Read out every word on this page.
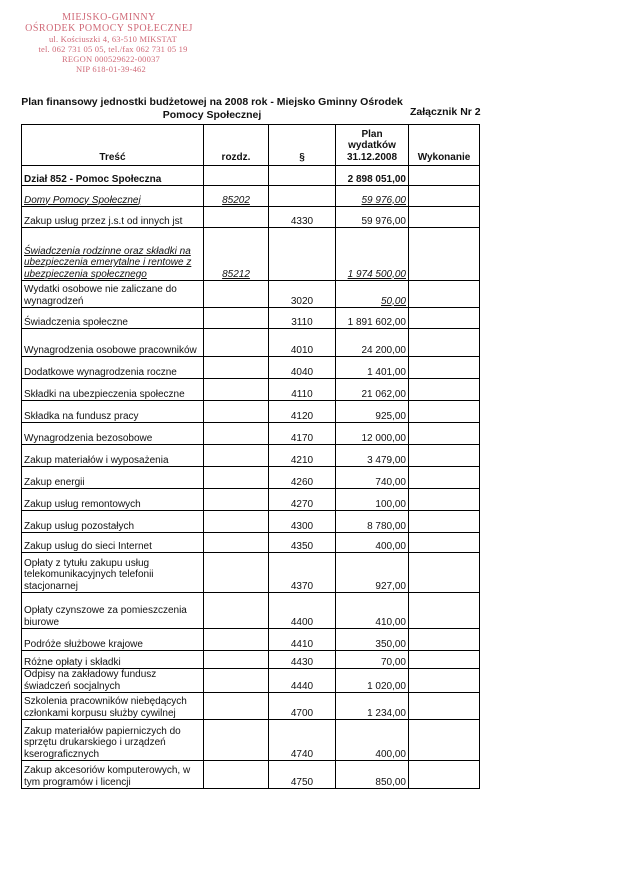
MIEJSKO-GMINNY
OŚRODEK POMOCY SPOŁECZNEJ
ul. Kościuszki 4, 63-510 MIKSTAT
tel. 062 731 05 05, tel./fax 062 731 05 19
REGON 000529622-00037
NIP 618-01-39-462
Plan finansowy jednostki budżetowej na 2008 rok - Miejsko Gminny Ośrodek Pomocy Społecznej	Załącznik Nr 2
Treść	rozdz.	§	Plan wydatków 31.12.2008	Wykonanie
Dział 852 - Pomoc Społeczna			2 898 051,00	
Domy Pomocy Społecznej	85202		59 976,00	
Zakup usług przez j.s.t od innych jst		4330	59 976,00	
Świadczenia rodzinne oraz składki na ubezpieczenia emerytalne i rentowe z ubezpieczenia społecznego	85212		1 974 500,00	
Wydatki osobowe nie zaliczane do wynagrodzeń		3020	50,00	
Świadczenia społeczne		3110	1 891 602,00	
Wynagrodzenia osobowe pracowników		4010	24 200,00	
Dodatkowe wynagrodzenia roczne		4040	1 401,00	
Składki na ubezpieczenia społeczne		4110	21 062,00	
Składka na fundusz pracy		4120	925,00	
Wynagrodzenia bezosobowe		4170	12 000,00	
Zakup materiałów i wyposażenia		4210	3 479,00	
Zakup energii		4260	740,00	
Zakup usług remontowych		4270	100,00	
Zakup usług pozostałych		4300	8 780,00	
Zakup usług do sieci Internet		4350	400,00	
Opłaty z tytułu zakupu usług telekomunikacyjnych telefonii stacjonarnej		4370	927,00	
Opłaty czynszowe za pomieszczenia biurowe		4400	410,00	
Podróże służbowe krajowe		4410	350,00	
Różne opłaty i składki		4430	70,00	
Odpisy na zakładowy fundusz świadczeń socjalnych		4440	1 020,00	
Szkolenia pracowników niebędących członkami korpusu służby cywilnej		4700	1 234,00	
Zakup materiałów papierniczych do sprzętu drukarskiego i urządzeń kserograficznych		4740	400,00	
Zakup akcesoriów komputerowych, w tym programów i licencji		4750	850,00	
